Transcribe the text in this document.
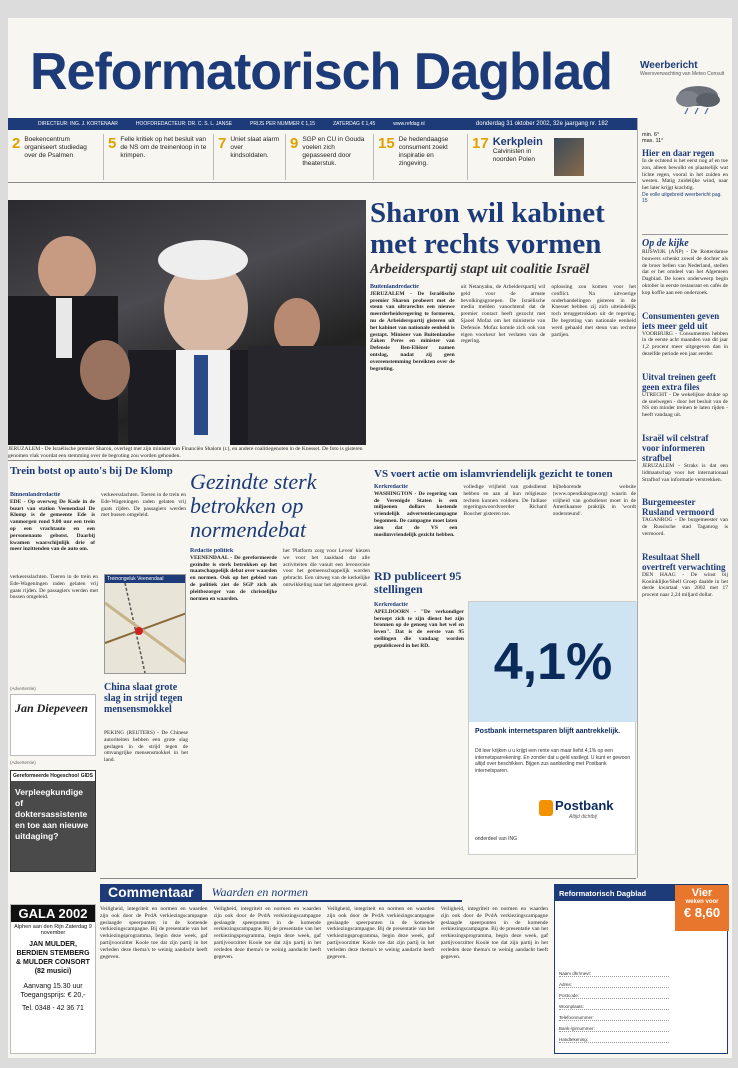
Reformatorisch Dagblad	Weerbericht
Weersverwachting van Meteo Consult
DIRECTEUR: ING. J. KORTENAAR	HOOFDREDACTEUR: DR. C. S. L. JANSE	PRIJS PER NUMMER € 1,15	ZATERDAG € 1,45	www.refdag.nl	donderdag 31 oktober 2002, 32e jaargang nr. 182
2 Boekencentrum organiseert studiedag over de Psalmen
5 Felle kritiek op het besluit van de NS om de treinenloop in te krimpen.
7 Uniet slaat alarm over kindsoldaten.
9 SGP en CU in Gouda voelen zich gepasseerd door theaterstuk.
15 De hedendaagse consument zoekt inspiratie en zingeving.
17 Kerkplein
Calvinisten in noorden Polen
min. 6°
max. 11°
Hier en daar regen
In de ochtend is het eerst nog af en toe zon, alleen bewolkt en plaatselijk wat lichte regen, vooral in het zuiden en westen. Matig zuidelijke wind, naar het later krijgt krachtig.
De volle uitgebreid weerbericht pag. 15
Op de kijke
RIJSWIJK (ANP) - De Rotterdamse bouwers schenkt zowel de dochter als de broer bellen van Nederland, stellen dat er het omdeel van het Algemeen Dagblad. De koers onderweerp begin oktober in eerste restaurant en cafés de kop koffie aan een onderzoek.
Consumenten geven iets meer geld uit
VOORBURG - Consumenten hebben in de eerste acht maanden van dit jaar 1,2 procent meer uitgegeven dan in dezelfde periode een jaar eerder.
Uitval treinen geeft geen extra files
UTRECHT - De wekelijkse drukte op de snelwegen - door het besluit van de NS om minder treinen te laten rijden - heeft vandaag uit.
Israël wil celstraf voor informeren strafbel
JERUZALEM - Straks is dat een lidmaatschap voor het internationaal Strafhof van informatie verstrekken.
Burgemeester Rusland vermoord
TAGANROG - De burgemeester van de Russische stad Taganrog is vermoord.
Resultaat Shell overtreft verwachting
DEN HAAG - De winst bij Koninklijke/Shell Groep daalde in het derde kwartaal van 2002 met 17 procent naar 2,24 miljard dollar.
JERUZALEM - De Israëlische premier Sharon, overlegt met zijn minister van Financiën Shalom (r.), en andere coalitiegenoten in de Knesset. De foto is gisteren genomen vlak voordat een stemming over de begroting zou worden gehouden.
Sharon wil kabinet met rechts vormen
Arbeiderspartij stapt uit coalitie Israël
Buitenlandredactie
JERUZALEM - De Israëlische premier Sharon probeert met de steun van ultrarechts een nieuwe meerderheidsregering te formeren, nu de Arbeiderspartij gisteren uit het kabinet van nationale eenheid is gestapt. Minister van Buitenlandse Zaken Peres en minister van Defensie Ben-Eliëzer namen ontslag, nadat zij geen overeenstemming bereikten over de begroting.
uit Netanyahu, de Arbeiderspartij wil geld voor de armste bevolkingsgroepen. De Israëlische media melden vanochtend dat de premier contact heeft gezocht met Sjaoel Mofaz om het ministerie van Defensie. Mofaz komde zich ook van eigen voorkeur het verlaten van de regering.
oplossing zou komen voor het conflict. Na uitvoerige onderhandelingen gisteren in de Knesset hebben zij zich uiteindelijk toch teruggetrokken uit de regering. De begroting van nationale eenheid werd gehaald met steun van rechtse partijen.
Trein botst op auto's bij De Klomp
Binnenlandredactie
EDE - Op overweg De Kade in de buurt van station Veenendaal De Klomp is de gemeente Ede is vanmorgen rond 9.00 uur een trein op een vrachtauto en een personenauto gebotst. Daarbij kwamen waarschijnlijk drie of meer inzittenden van de auto om.
verkeersslachten. Toeren in de trein en Ede-Wageningen raden gelaten vrij gaats rijden. De passagiers werden met bussen omgeleid.
verkeersslachten. Toeren in de trein en Ede-Wageningen raden gelaten vrij gaats rijden. De passagiers werden met bussen omgeleid.
Treinongeluk Veenendaal
Gezindte sterk betrokken op normendebat
Redactie politiek
VEENENDAAL - De gereformeerde gezindte is sterk betrokken op het maatschappelijk debat over waarden en normen. Ook op het gebied van de politiek ziet de SGP zich als pleitbezorger van de christelijke normen en waarden.
het 'Platform zorg voor Leven' kiezen we voor het zaaidaad dat alle activiteiten die vanuit een levensvisie voor het gemeenschappelijk worden gebracht. Een uitweg van de kerkelijke ontwikkeling naar het algemeen geval.
China slaat grote slag in strijd tegen mensensmokkel
PEKING (REUTERS) - De Chinese autoriteiten hebben een grote slag geslagen in de strijd tegen de omvangrijke mensensmokkel in het land.
VS voert actie om islamvriendelijk gezicht te tonen
Kerkredactie
WASHINGTON - De regering van de Verenigde Staten is een miljoenen dollars kostende vriendelijk advertentiecampagne begonnen. De campagne moet laten zien dat de VS een moslimvriendelijk gezicht hebben.
volledige vrijheid van godsdienst hebben en aan al hun religieuze rechten kunnen voldoen. De Indiase regeringswoordvoerder Richard Boucher gisteren toe.
bijbehorende website (www.opendialogue.org) waarin de vrijheid van godsdienst moet in de Amerikaanse praktijk in 'wordt ondersteund'.
RD publiceert 95 stellingen
Kerkredactie
APELDOORN - "De verkondiger beroept zich te zijn dienst het zijn bronnen op de genoeg van het wel en leven". Dat is de eerste van 95 stellingen die vandaag worden gepubliceerd in het RD.	4,1%
Postbank internetsparen blijft aantrekkelijk.
Dit leer krijken u u krijgt een rente van maar liefst 4,1% op een internetsparrekening. En zonder dat u geld vastlegt. U kunt er gewoon altijd over beschikken. Bijgen zus aanbieding met Postbank internetsparen.
Postbank
Altijd dichtbij
onderdeel van ING
(Advertentie)
Jan Diepeveen
(Advertentie)
Gereformeerde Hogeschool GIDS
Verpleegkundige of doktersassistente en toe aan nieuwe uitdaging?
GALA 2002
Alphen aan den Rijn Zaterdag 9 november
JAN MULDER, BERDIEN STEMBERG & MULDER CONSORT (82 musici)
Aanvang 15.30 uur
Toegangsprijs: € 20,-
Tel. 0348 - 42 36 71
Commentaar	Waarden en normen
Veiligheid, integriteit en normen en waarden zijn ook door de PvdA verkiezingscampagne geslaagde speerpunten in de komende verkiezingscampagne. Bij de presentatie van het verkiezingsprogramma, begin deze week, gaf partijvoorzitter Koole toe dat zijn partij in het verleden deze thema's te weinig aandacht heeft gegeven.
Veiligheid, integriteit en normen en waarden zijn ook door de PvdA verkiezingscampagne geslaagde speerpunten in de komende verkiezingscampagne. Bij de presentatie van het verkiezingsprogramma, begin deze week, gaf partijvoorzitter Koole toe dat zijn partij in het verleden deze thema's te weinig aandacht heeft gegeven.
Veiligheid, integriteit en normen en waarden zijn ook door de PvdA verkiezingscampagne geslaagde speerpunten in de komende verkiezingscampagne. Bij de presentatie van het verkiezingsprogramma, begin deze week, gaf partijvoorzitter Koole toe dat zijn partij in het verleden deze thema's te weinig aandacht heeft gegeven.
Veiligheid, integriteit en normen en waarden zijn ook door de PvdA verkiezingscampagne geslaagde speerpunten in de komende verkiezingscampagne. Bij de presentatie van het verkiezingsprogramma, begin deze week, gaf partijvoorzitter Koole toe dat zijn partij in het verleden deze thema's te weinig aandacht heeft gegeven.
Reformatorisch Dagblad	Vier
weken voor
€ 8,60
Naam dhr/mevr:
Adres:
Postcode:
Woonplaats:
Telefoonnummer:
Bank-/girnummer:
Handtekening:
